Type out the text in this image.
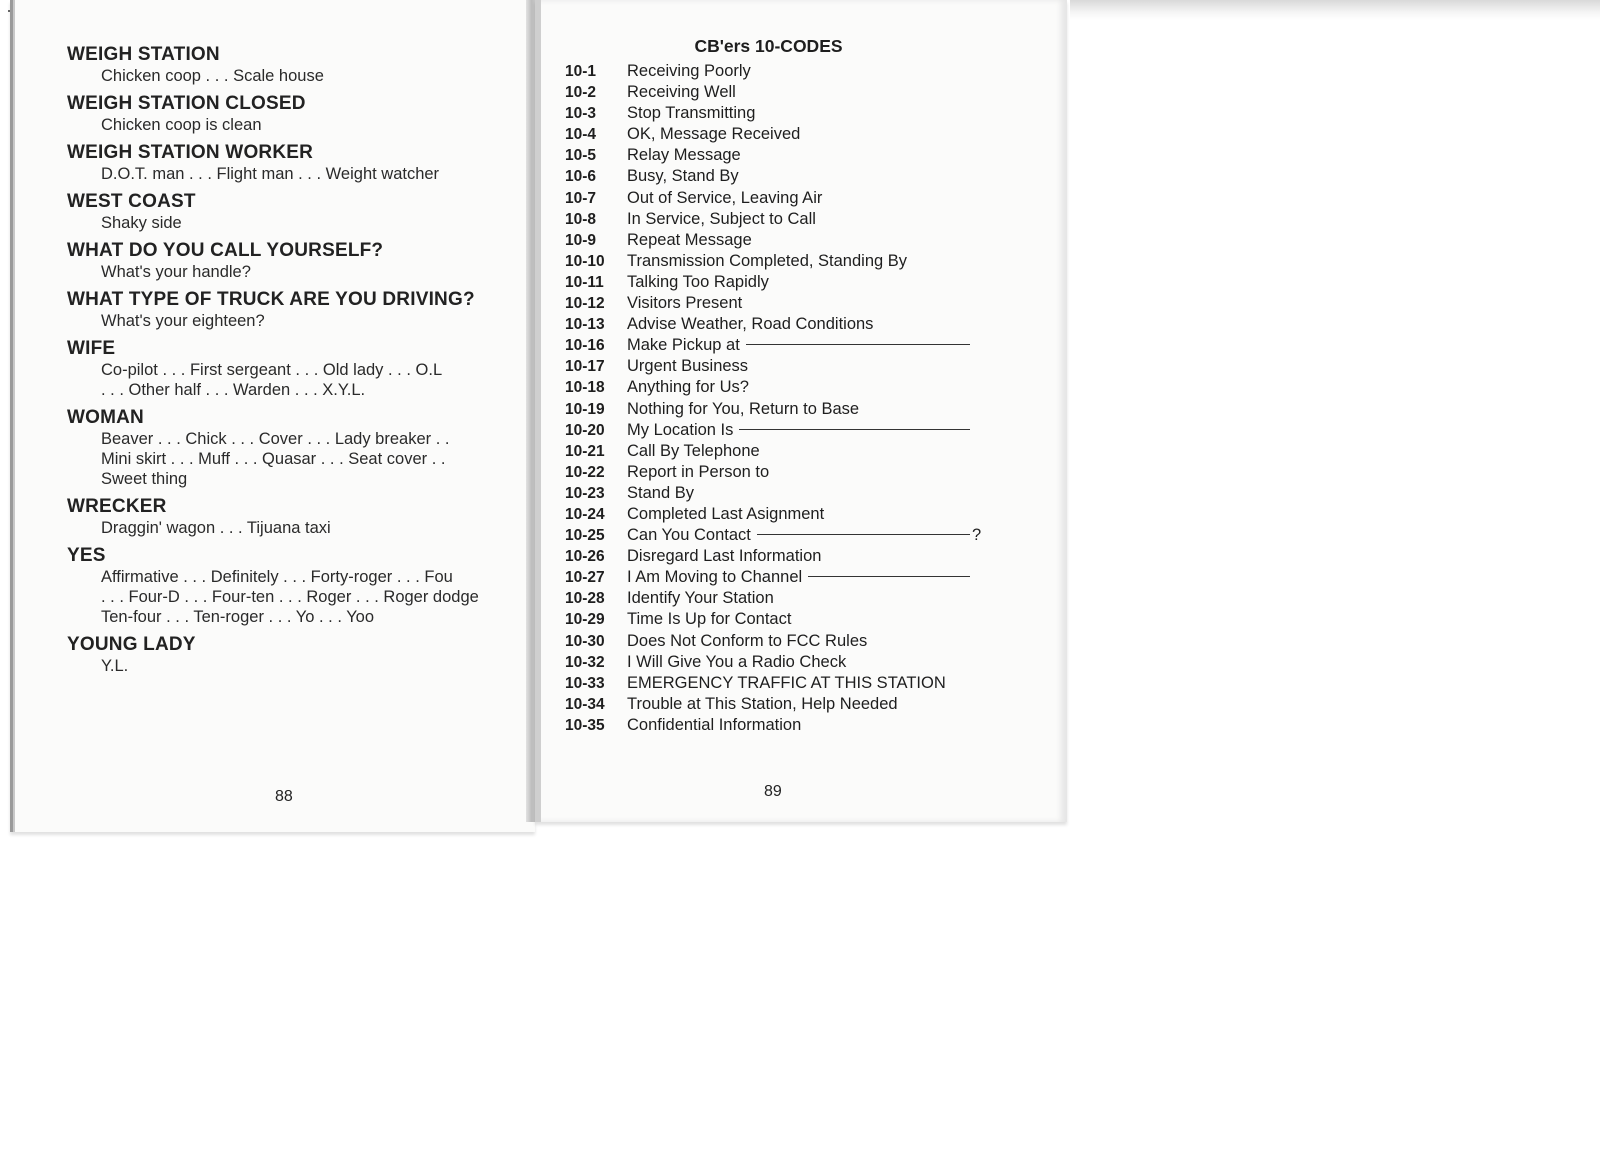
WEIGH STATION
Chicken coop . . . Scale house
WEIGH STATION CLOSED
Chicken coop is clean
WEIGH STATION WORKER
D.O.T. man . . . Flight man . . . Weight watcher
WEST COAST
Shaky side
WHAT DO YOU CALL YOURSELF?
What's your handle?
WHAT TYPE OF TRUCK ARE YOU DRIVING?
What's your eighteen?
WIFE
Co-pilot . . . First sergeant . . . Old lady . . . O.L
. . . Other half . . . Warden . . . X.Y.L.
WOMAN
Beaver . . . Chick . . . Cover . . . Lady breaker . .
Mini skirt . . . Muff . . . Quasar . . . Seat cover . .
Sweet thing
WRECKER
Draggin' wagon . . . Tijuana taxi
YES
Affirmative . . . Definitely . . . Forty-roger . . . Fou
. . . Four-D . . . Four-ten . . . Roger . . . Roger dodge
Ten-four . . . Ten-roger . . . Yo . . . Yoo
YOUNG LADY
Y.L.
88
CB'ers 10-CODES
10-1	Receiving Poorly
10-2	Receiving Well
10-3	Stop Transmitting
10-4	OK, Message Received
10-5	Relay Message
10-6	Busy, Stand By
10-7	Out of Service, Leaving Air
10-8	In Service, Subject to Call
10-9	Repeat Message
10-10	Transmission Completed, Standing By
10-11	Talking Too Rapidly
10-12	Visitors Present
10-13	Advise Weather, Road Conditions
10-16	Make Pickup at
10-17	Urgent Business
10-18	Anything for Us?
10-19	Nothing for You, Return to Base
10-20	My Location Is
10-21	Call By Telephone
10-22	Report in Person to
10-23	Stand By
10-24	Completed Last Asignment
10-25	Can You Contact	?
10-26	Disregard Last Information
10-27	I Am Moving to Channel
10-28	Identify Your Station
10-29	Time Is Up for Contact
10-30	Does Not Conform to FCC Rules
10-32	I Will Give You a Radio Check
10-33	EMERGENCY TRAFFIC AT THIS STATION
10-34	Trouble at This Station, Help Needed
10-35	Confidential Information
89
